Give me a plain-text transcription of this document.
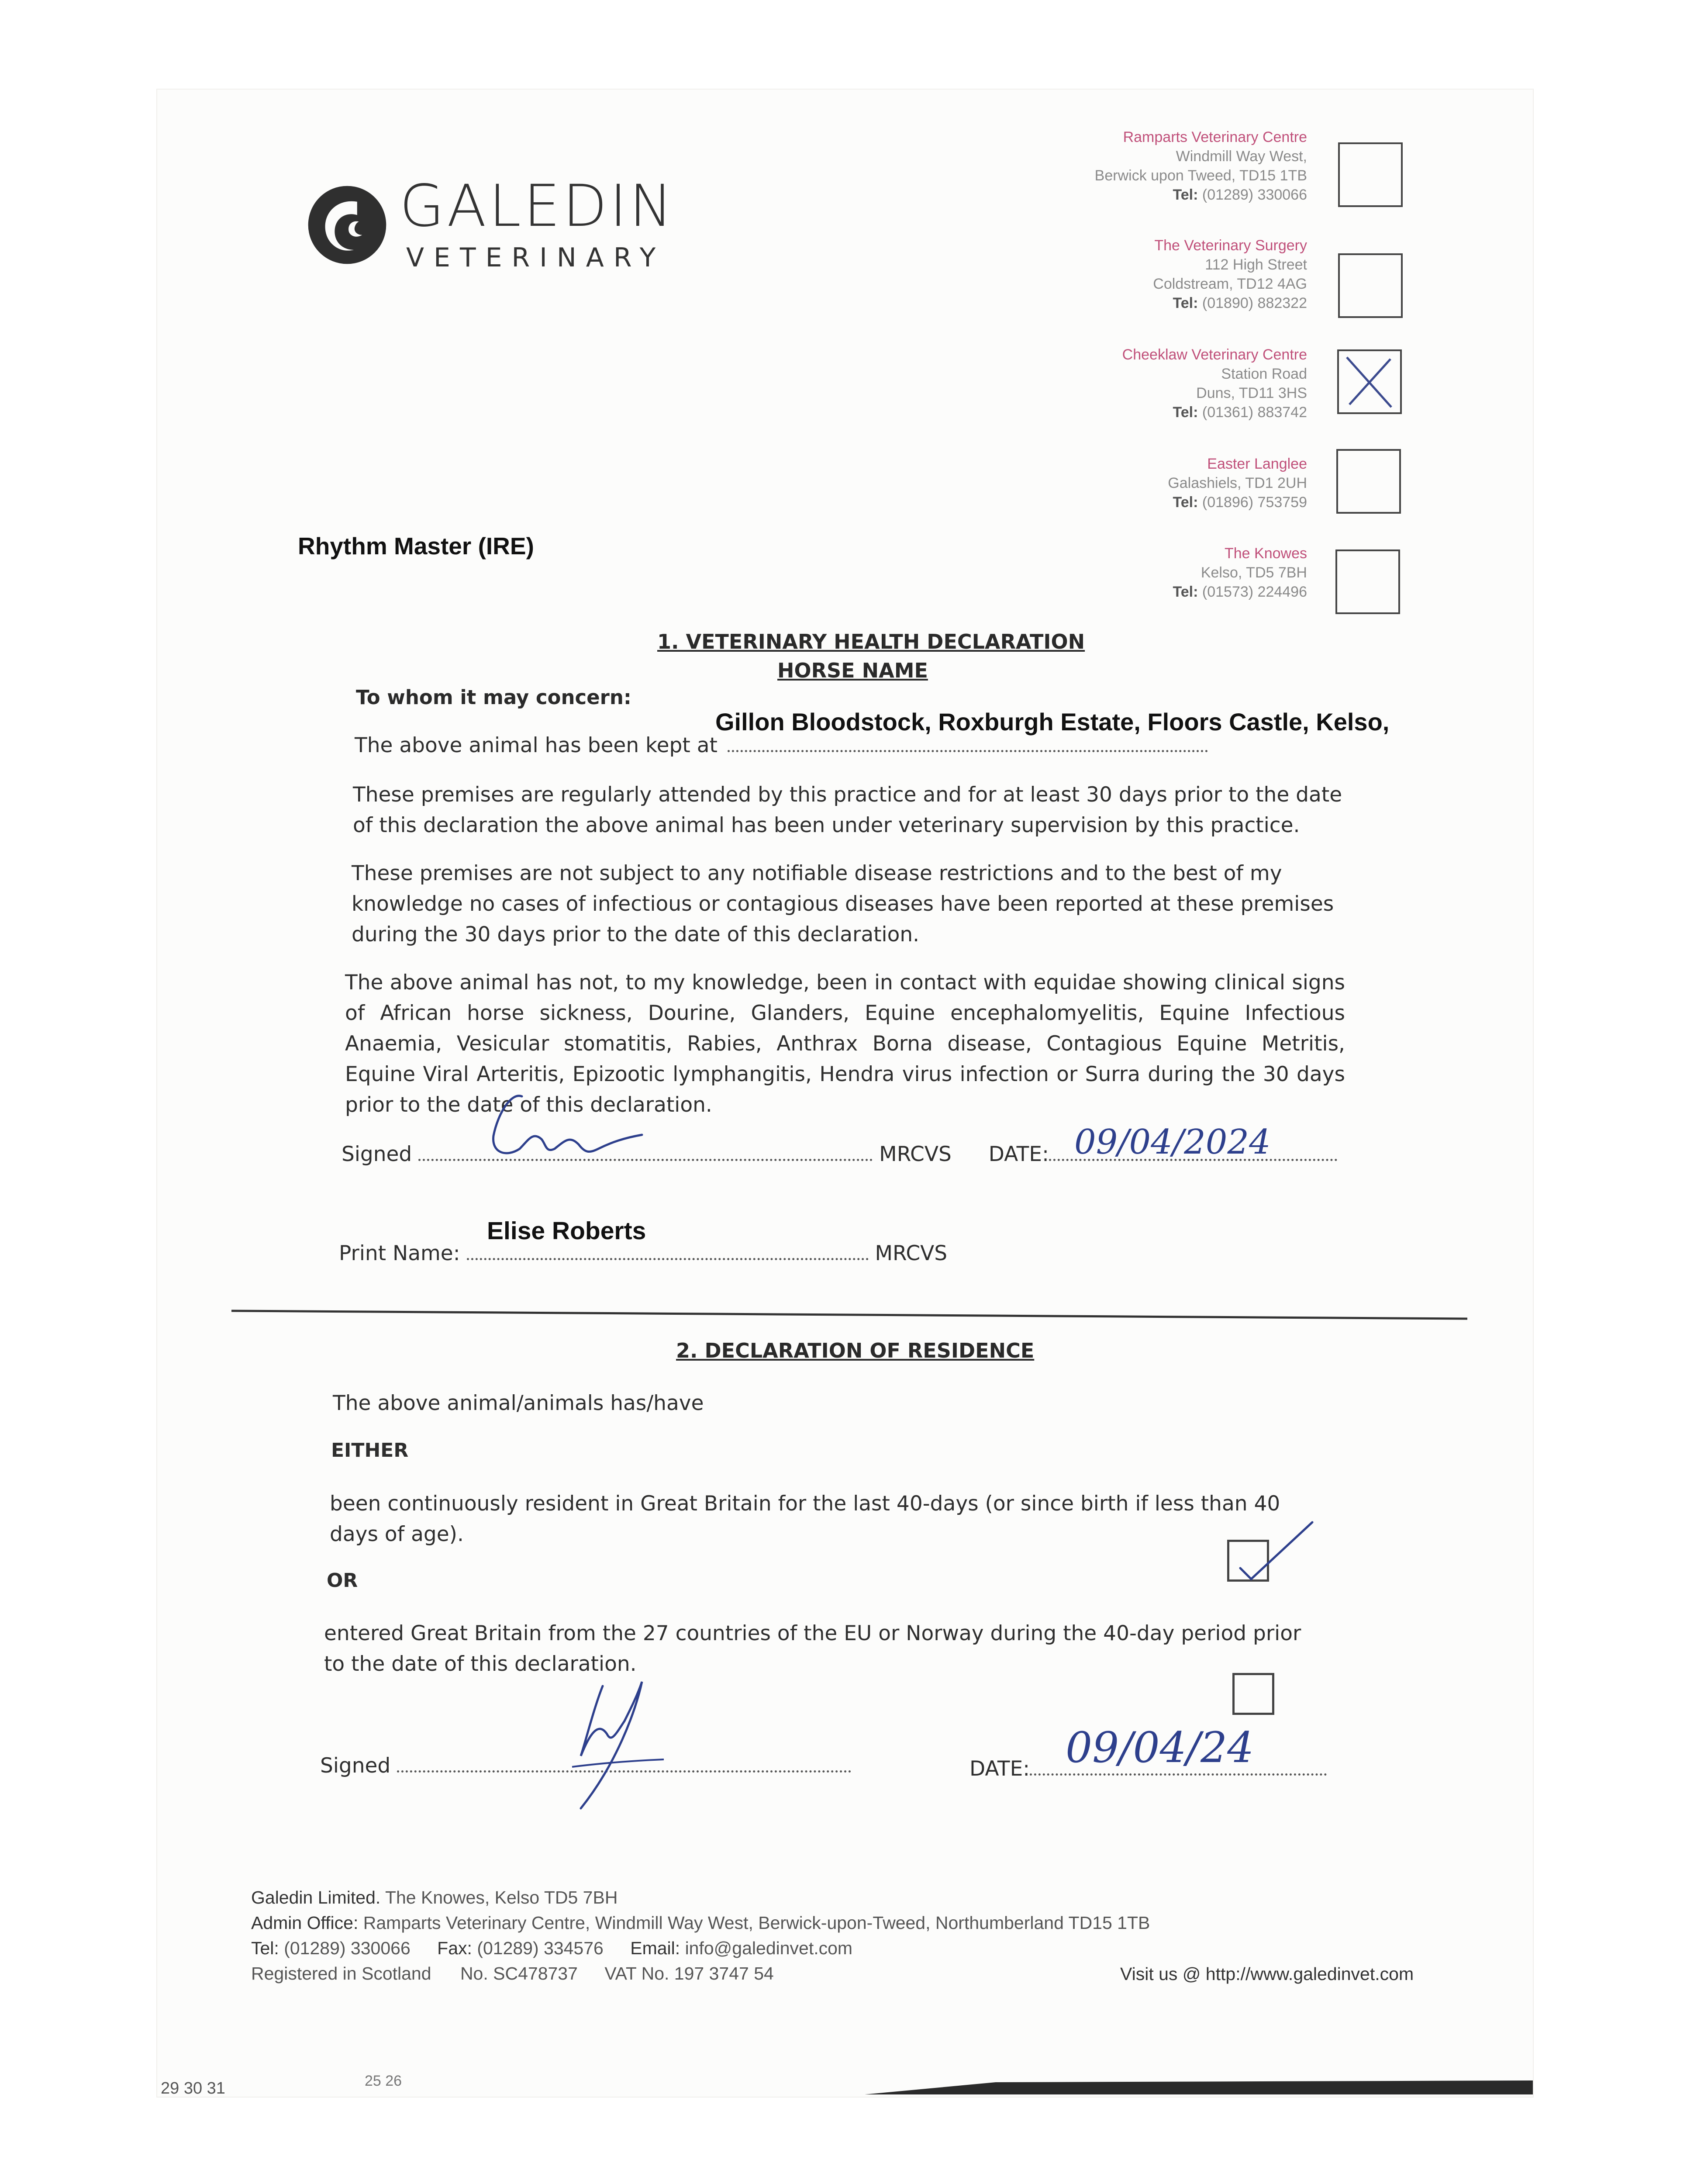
GALEDIN
VETERINARY
Ramparts Veterinary Centre
Windmill Way West,
Berwick upon Tweed, TD15 1TB
Tel: (01289) 330066
The Veterinary Surgery
112 High Street
Coldstream, TD12 4AG
Tel: (01890) 882322
Cheeklaw Veterinary Centre
Station Road
Duns, TD11 3HS
Tel: (01361) 883742
Easter Langlee
Galashiels, TD1 2UH
Tel: (01896) 753759
The Knowes
Kelso, TD5 7BH
Tel: (01573) 224496
Rhythm Master (IRE)
1. VETERINARY HEALTH DECLARATION
HORSE NAME
To whom it may concern:
Gillon Bloodstock, Roxburgh Estate, Floors Castle, Kelso,
The above animal has been kept at
These premises are regularly attended by this practice and for at least 30 days prior to the date of this declaration the above animal has been under veterinary supervision by this practice.
These premises are not subject to any notifiable disease restrictions and to the best of my knowledge no cases of infectious or contagious diseases have been reported at these premises during the 30 days prior to the date of this declaration.
The above animal has not, to my knowledge, been in contact with equidae showing clinical signs of African horse sickness, Dourine, Glanders, Equine encephalomyelitis, Equine Infectious Anaemia, Vesicular stomatitis, Rabies, Anthrax Borna disease, Contagious Equine Metritis, Equine Viral Arteritis, Epizootic lymphangitis, Hendra virus infection or Surra during the 30 days prior to the date of this declaration.
Signed	MRCVS DATE: 09/04/2024
Elise Roberts
Print Name:	MRCVS
2. DECLARATION OF RESIDENCE
The above animal/animals has/have
EITHER
been continuously resident in Great Britain for the last 40-days (or since birth if less than 40 days of age).
OR
entered Great Britain from the 27 countries of the EU or Norway during the 40-day period prior to the date of this declaration.
Signed	DATE: 09/04/24
Galedin Limited. The Knowes, Kelso TD5 7BH
Admin Office: Ramparts Veterinary Centre, Windmill Way West, Berwick-upon-Tweed, Northumberland TD15 1TB
Tel: (01289) 330066 Fax: (01289) 334576 Email: info@galedinvet.com
Registered in Scotland No. SC478737 VAT No. 197 3747 54	Visit us @ http://www.galedinvet.com
29 30 31	25 26
